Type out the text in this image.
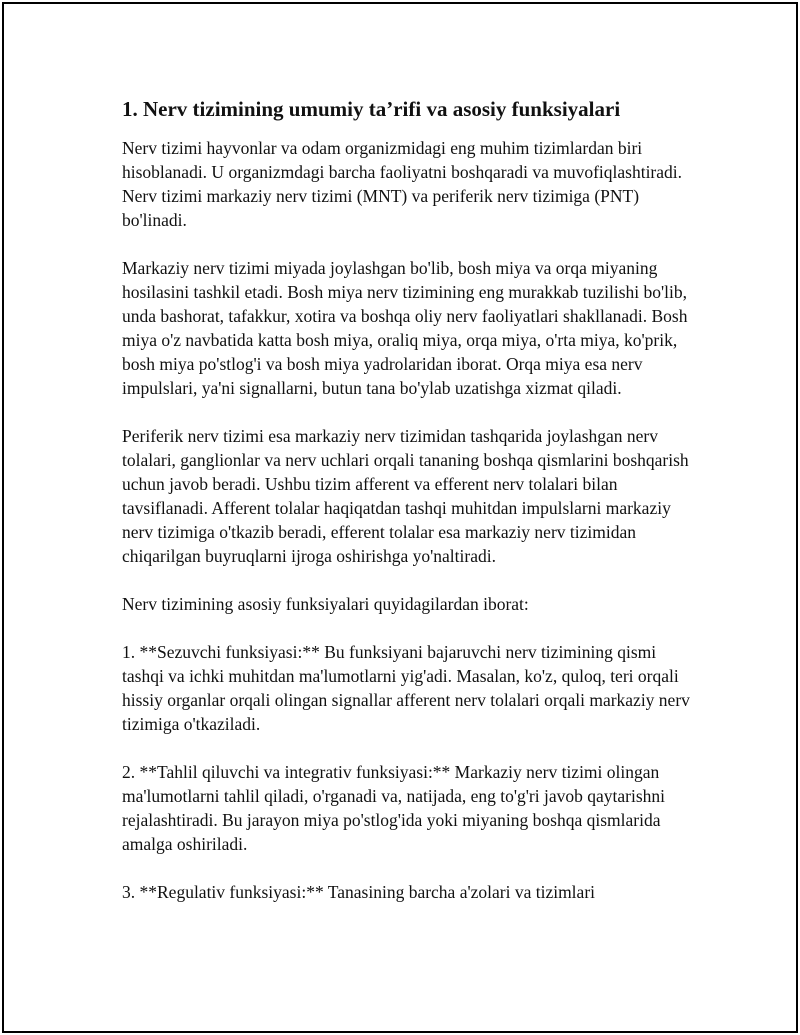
1. Nerv tizimining umumiy ta’rifi va asosiy funksiyalari

Nerv tizimi hayvonlar va odam organizmidagi eng muhim tizimlardan biri hisoblanadi. U organizmdagi barcha faoliyatni boshqaradi va muvofiqlashtiradi. Nerv tizimi markaziy nerv tizimi (MNT) va periferik nerv tizimiga (PNT) bo'linadi.

Markaziy nerv tizimi miyada joylashgan bo'lib, bosh miya va orqa miyaning hosilasini tashkil etadi. Bosh miya nerv tizimining eng murakkab tuzilishi bo'lib, unda bashorat, tafakkur, xotira va boshqa oliy nerv faoliyatlari shakllanadi. Bosh miya o'z navbatida katta bosh miya, oraliq miya, orqa miya, o'rta miya, ko'prik, bosh miya po'stlog'i va bosh miya yadrolaridan iborat. Orqa miya esa nerv impulslari, ya'ni signallarni, butun tana bo'ylab uzatishga xizmat qiladi.

Periferik nerv tizimi esa markaziy nerv tizimidan tashqarida joylashgan nerv tolalari, ganglionlar va nerv uchlari orqali tananing boshqa qismlarini boshqarish uchun javob beradi. Ushbu tizim afferent va efferent nerv tolalari bilan tavsiflanadi. Afferent tolalar haqiqatdan tashqi muhitdan impulslarni markaziy nerv tizimiga o'tkazib beradi, efferent tolalar esa markaziy nerv tizimidan chiqarilgan buyruqlarni ijroga oshirishga yo'naltiradi.

Nerv tizimining asosiy funksiyalari quyidagilardan iborat:

1. **Sezuvchi funksiyasi:** Bu funksiyani bajaruvchi nerv tizimining qismi tashqi va ichki muhitdan ma'lumotlarni yig'adi. Masalan, ko'z, quloq, teri orqali hissiy organlar orqali olingan signallar afferent nerv tolalari orqali markaziy nerv tizimiga o'tkaziladi.

2. **Tahlil qiluvchi va integrativ funksiyasi:** Markaziy nerv tizimi olingan ma'lumotlarni tahlil qiladi, o'rganadi va, natijada, eng to'g'ri javob qaytarishni rejalashtiradi. Bu jarayon miya po'stlog'ida yoki miyaning boshqa qismlarida amalga oshiriladi.

3. **Regulativ funksiyasi:** Tanasining barcha a'zolari va tizimlari
